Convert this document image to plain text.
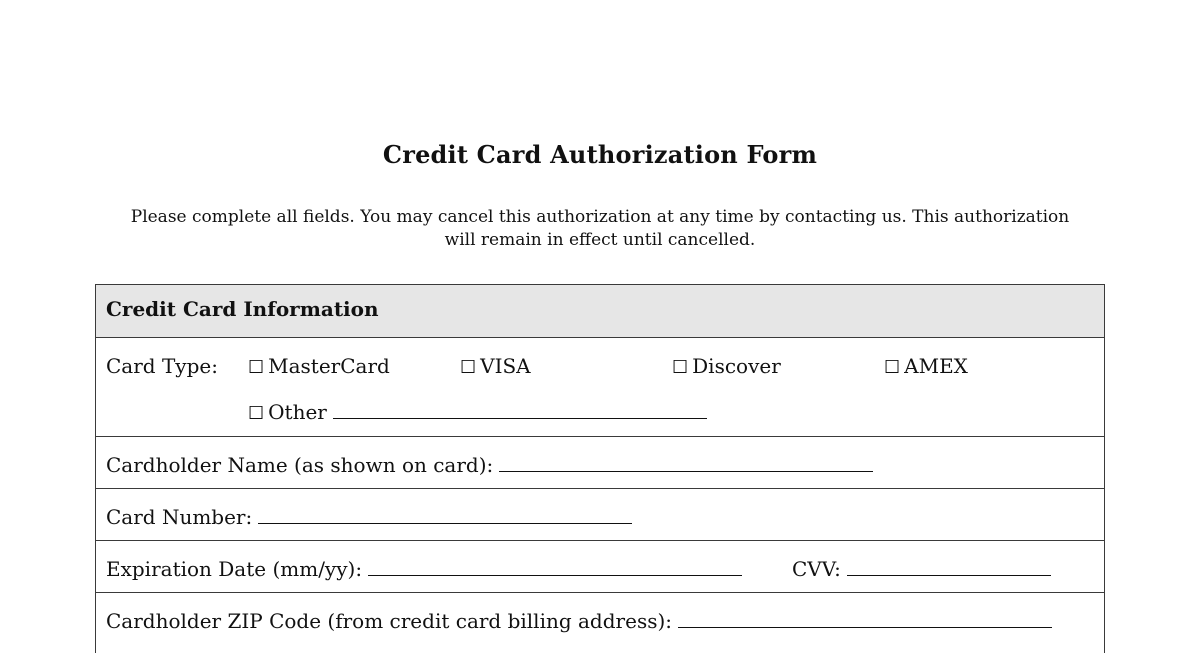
Credit Card Authorization Form
Please complete all fields. You may cancel this authorization at any time by contacting us. This authorization will remain in effect until cancelled.
Credit Card Information
Card Type: ☐ MasterCard	☐ VISA	☐ Discover	☐ AMEX
☐ Other
Cardholder Name (as shown on card):
Card Number:
Expiration Date (mm/yy):	CVV:
Cardholder ZIP Code (from credit card billing address):
